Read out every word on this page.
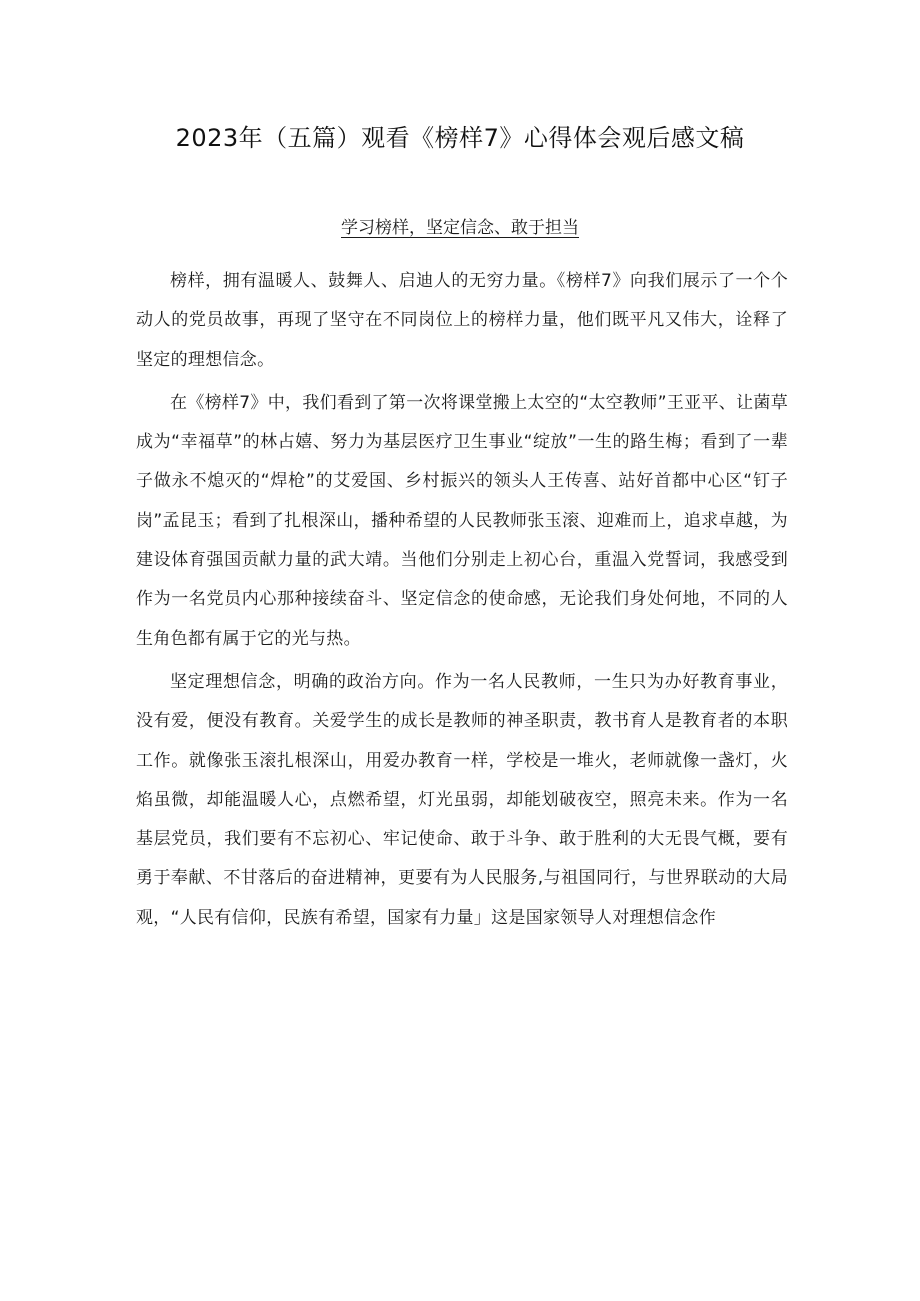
2023年（五篇）观看《榜样7》心得体会观后感文稿

学习榜样，坚定信念、敢于担当

榜样，拥有温暖人、鼓舞人、启迪人的无穷力量。《榜样7》向我们展示了一个个动人的党员故事，再现了坚守在不同岗位上的榜样力量，他们既平凡又伟大，诠释了坚定的理想信念。

在《榜样7》中，我们看到了第一次将课堂搬上太空的“太空教师”王亚平、让菌草成为“幸福草”的林占嬉、努力为基层医疗卫生事业“绽放”一生的路生梅；看到了一辈子做永不熄灭的“焊枪”的艾爱国、乡村振兴的领头人王传喜、站好首都中心区“钉子岗”孟昆玉；看到了扎根深山，播种希望的人民教师张玉滚、迎难而上，追求卓越，为建设体育强国贡献力量的武大靖。当他们分别走上初心台，重温入党誓词，我感受到作为一名党员内心那种接续奋斗、坚定信念的使命感，无论我们身处何地，不同的人生角色都有属于它的光与热。

坚定理想信念，明确的政治方向。作为一名人民教师，一生只为办好教育事业，没有爱，便没有教育。关爱学生的成长是教师的神圣职责，教书育人是教育者的本职工作。就像张玉滚扎根深山，用爱办教育一样，学校是一堆火，老师就像一盏灯，火焰虽微，却能温暖人心，点燃希望，灯光虽弱，却能划破夜空，照亮未来。作为一名基层党员，我们要有不忘初心、牢记使命、敢于斗争、敢于胜利的大无畏气概，要有勇于奉献、不甘落后的奋进精神，更要有为人民服务,与祖国同行，与世界联动的大局观，“人民有信仰，民族有希望，国家有力量」这是国家领导人对理想信念作
